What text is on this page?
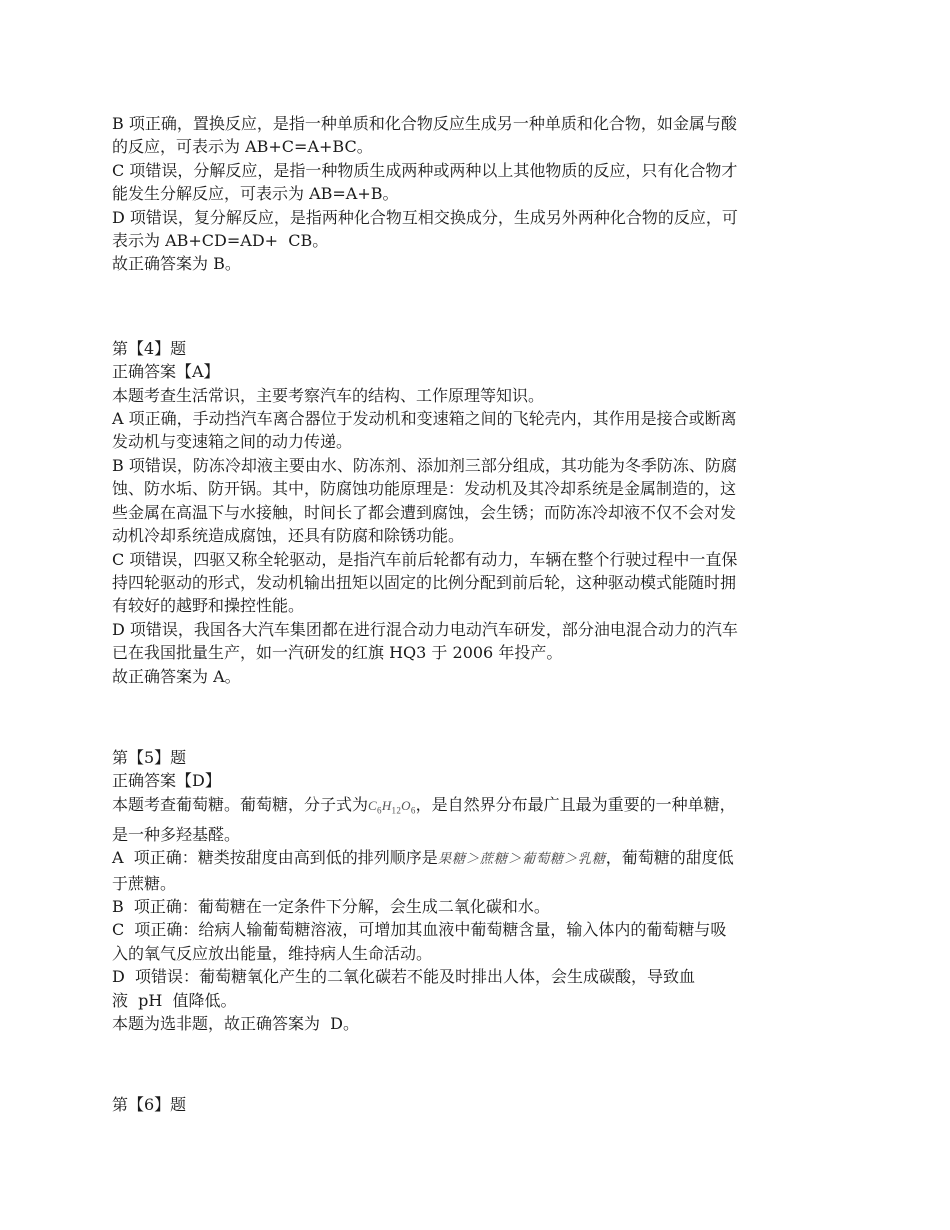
B 项正确，置换反应，是指一种单质和化合物反应生成另一种单质和化合物，如金属与酸
的反应，可表示为 AB+C=A+BC。
C 项错误，分解反应，是指一种物质生成两种或两种以上其他物质的反应，只有化合物才
能发生分解反应，可表示为 AB=A+B。
D 项错误，复分解反应，是指两种化合物互相交换成分，生成另外两种化合物的反应，可
表示为 AB+CD=AD+  CB。
故正确答案为 B。
第【4】题
正确答案【A】
本题考查生活常识，主要考察汽车的结构、工作原理等知识。
A 项正确，手动挡汽车离合器位于发动机和变速箱之间的飞轮壳内，其作用是接合或断离
发动机与变速箱之间的动力传递。
B 项错误，防冻冷却液主要由水、防冻剂、添加剂三部分组成，其功能为冬季防冻、防腐
蚀、防水垢、防开锅。其中，防腐蚀功能原理是：发动机及其冷却系统是金属制造的，这
些金属在高温下与水接触，时间长了都会遭到腐蚀，会生锈；而防冻冷却液不仅不会对发
动机冷却系统造成腐蚀，还具有防腐和除锈功能。
C 项错误，四驱又称全轮驱动，是指汽车前后轮都有动力，车辆在整个行驶过程中一直保
持四轮驱动的形式，发动机输出扭矩以固定的比例分配到前后轮，这种驱动模式能随时拥
有较好的越野和操控性能。
D 项错误，我国各大汽车集团都在进行混合动力电动汽车研发，部分油电混合动力的汽车
已在我国批量生产，如一汽研发的红旗 HQ3 于 2006 年投产。
故正确答案为 A。
第【5】题
正确答案【D】
本题考查葡萄糖。葡萄糖，分子式为$C_6H_{12}O_6$，是自然界分布最广且最为重要的一种单糖，
是一种多羟基醛。
A  项正确：糖类按甜度由高到低的排列顺序是果糖＞蔗糖＞葡萄糖＞乳糖，葡萄糖的甜度低
于蔗糖。
B  项正确：葡萄糖在一定条件下分解，会生成二氧化碳和水。
C  项正确：给病人输葡萄糖溶液，可增加其血液中葡萄糖含量，输入体内的葡萄糖与吸
入的氧气反应放出能量，维持病人生命活动。
D  项错误：葡萄糖氧化产生的二氧化碳若不能及时排出人体，会生成碳酸，导致血
液  pH  值降低。
本题为选非题，故正确答案为  D。
第【6】题
